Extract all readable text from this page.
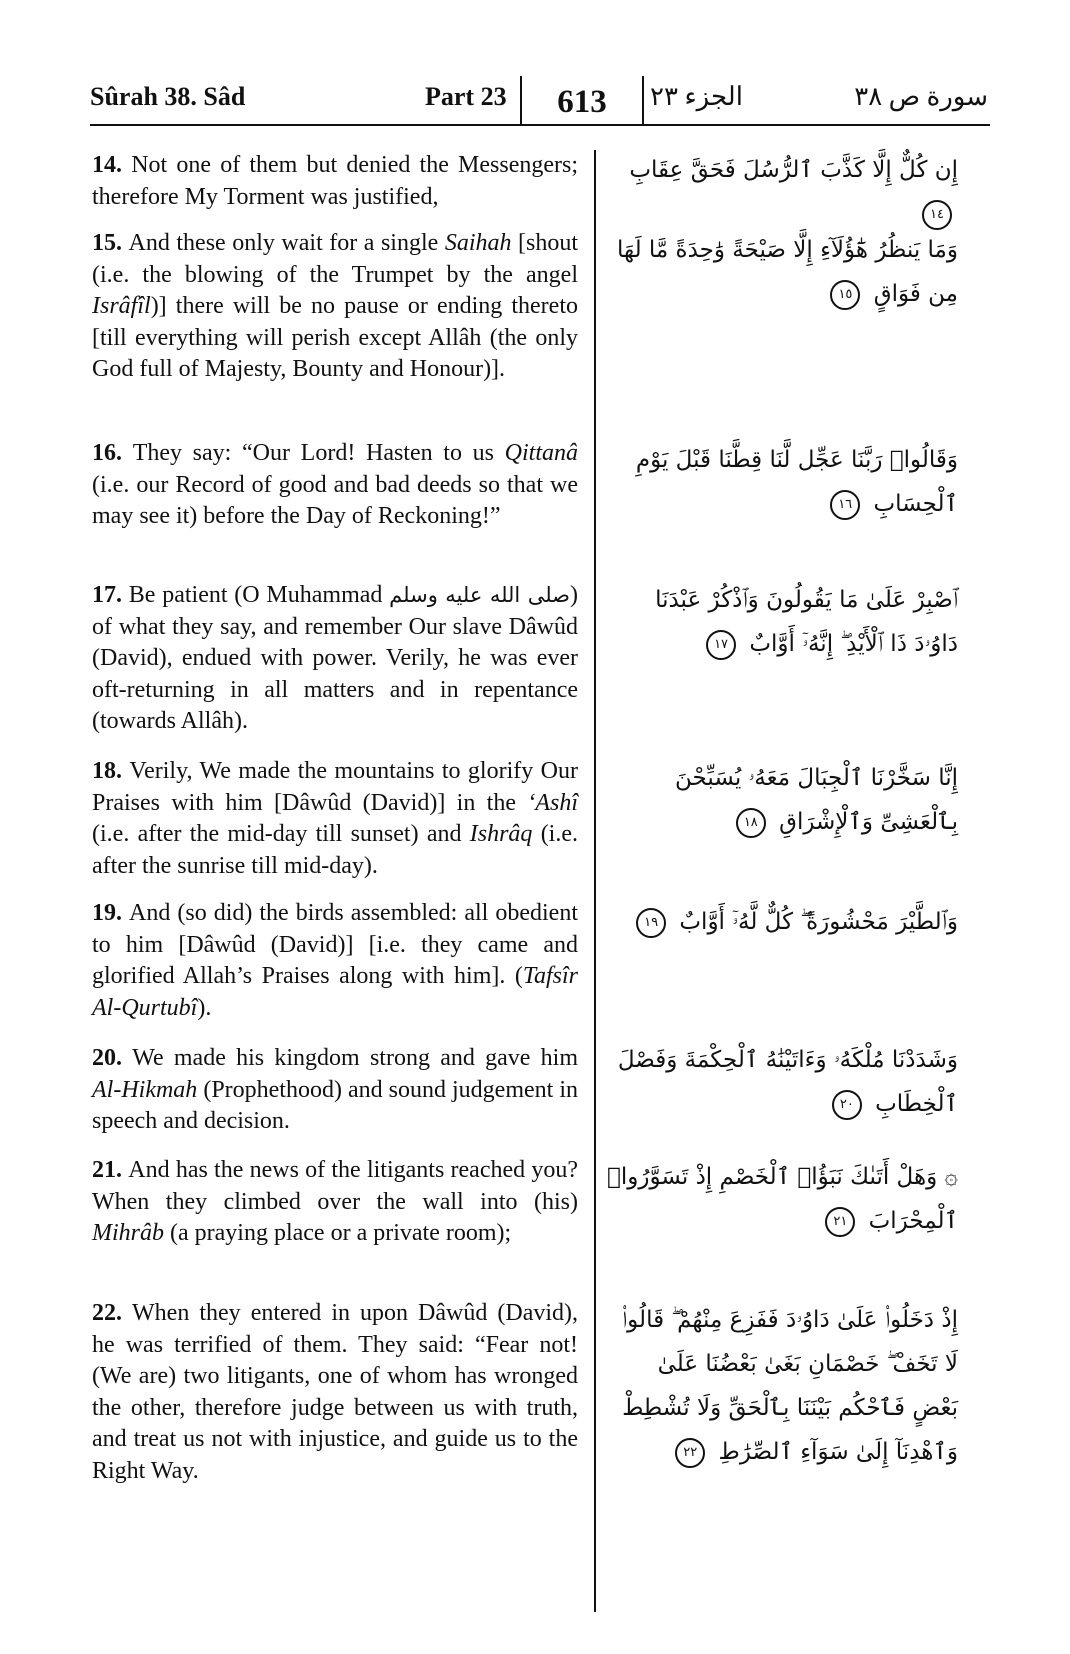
Sûrah 38. Sâd	Part 23	613	الجزء ٢٣	سورة ص ٣٨
14. Not one of them but denied the Messengers; therefore My Torment was justified,
15. And these only wait for a single Saihah [shout (i.e. the blowing of the Trumpet by the angel Isrâfîl)] there will be no pause or ending thereto [till everything will perish except Allâh (the only God full of Majesty, Bounty and Honour)].
16. They say: “Our Lord! Hasten to us Qittanâ (i.e. our Record of good and bad deeds so that we may see it) before the Day of Reckoning!”
17. Be patient (O Muhammad صلى الله عليه وسلم) of what they say, and remember Our slave Dâwûd (David), endued with power. Verily, he was ever oft-returning in all matters and in repentance (towards Allâh).
18. Verily, We made the mountains to glorify Our Praises with him [Dâwûd (David)] in the ‘Ashî (i.e. after the mid-day till sunset) and Ishrâq (i.e. after the sunrise till mid-day).
19. And (so did) the birds assembled: all obedient to him [Dâwûd (David)] [i.e. they came and glorified Allah’s Praises along with him]. (Tafsîr Al-Qurtubî).
20. We made his kingdom strong and gave him Al-Hikmah (Prophethood) and sound judgement in speech and decision.
21. And has the news of the litigants reached you? When they climbed over the wall into (his) Mihrâb (a praying place or a private room);
22. When they entered in upon Dâwûd (David), he was terrified of them. They said: “Fear not! (We are) two litigants, one of whom has wronged the other, therefore judge between us with truth, and treat us not with injustice, and guide us to the Right Way.
إِن كُلٌّ إِلَّا كَذَّبَ ٱلرُّسُلَ فَحَقَّ عِقَابِ ١٤
وَمَا يَنظُرُ هَٰٓؤُلَآءِ إِلَّا صَيْحَةً وَٰحِدَةً مَّا لَهَا مِن فَوَاقٍ ١٥
وَقَالُوا۟ رَبَّنَا عَجِّل لَّنَا قِطَّنَا قَبْلَ يَوْمِ ٱلْحِسَابِ ١٦
ٱصْبِرْ عَلَىٰ مَا يَقُولُونَ وَٱذْكُرْ عَبْدَنَا دَاوُۥدَ ذَا ٱلْأَيْدِ ۖ إِنَّهُۥٓ أَوَّابٌ ١٧
إِنَّا سَخَّرْنَا ٱلْجِبَالَ مَعَهُۥ يُسَبِّحْنَ بِٱلْعَشِىِّ وَٱلْإِشْرَاقِ ١٨
وَٱلطَّيْرَ مَحْشُورَةً ۖ كُلٌّ لَّهُۥٓ أَوَّابٌ ١٩
وَشَدَدْنَا مُلْكَهُۥ وَءَاتَيْنَٰهُ ٱلْحِكْمَةَ وَفَصْلَ ٱلْخِطَابِ ٢٠
۞ وَهَلْ أَتَىٰكَ نَبَؤُا۟ ٱلْخَصْمِ إِذْ تَسَوَّرُوا۟ ٱلْمِحْرَابَ ٢١
إِذْ دَخَلُوا۟ عَلَىٰ دَاوُۥدَ فَفَزِعَ مِنْهُمْ ۖ قَالُوا۟ لَا تَخَفْ ۖ خَصْمَانِ بَغَىٰ بَعْضُنَا عَلَىٰ بَعْضٍ فَٱحْكُم بَيْنَنَا بِٱلْحَقِّ وَلَا تُشْطِطْ وَٱهْدِنَآ إِلَىٰ سَوَآءِ ٱلصِّرَٰطِ ٢٢
